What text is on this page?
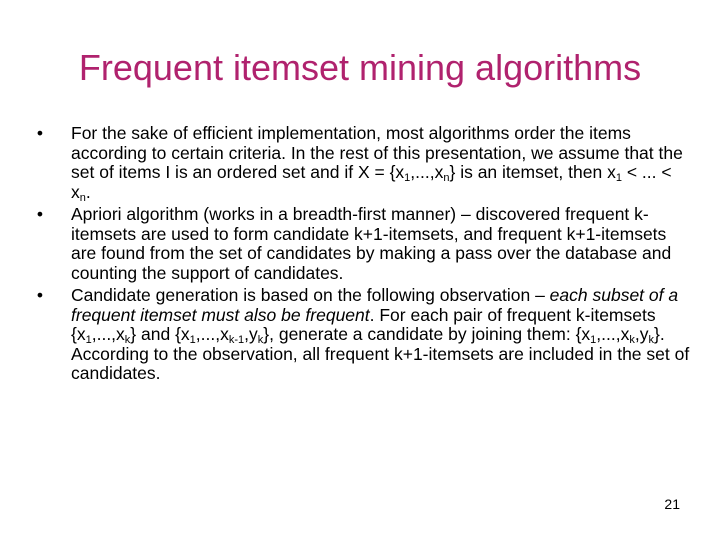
Frequent itemset mining algorithms
•	For the sake of efficient implementation, most algorithms order the items according to certain criteria. In the rest of this presentation, we assume that the set of items I is an ordered set and if $X = \{x_1,...,x_n\}$ is an itemset, then $x_1$ < ... < $x_n$.
•	Apriori algorithm (works in a breadth-first manner) – discovered frequent k-itemsets are used to form candidate k+1-itemsets, and frequent k+1-itemsets are found from the set of candidates by making a pass over the database and counting the support of candidates.
•	Candidate generation is based on the following observation – each subset of a frequent itemset must also be frequent. For each pair of frequent k-itemsets $\{x_1,...,x_k\}$ and $\{x_1,...,x_{k-1},y_k\}$, generate a candidate by joining them: $\{x_1,...,x_k,y_k\}$. According to the observation, all frequent k+1-itemsets are included in the set of candidates.
21
